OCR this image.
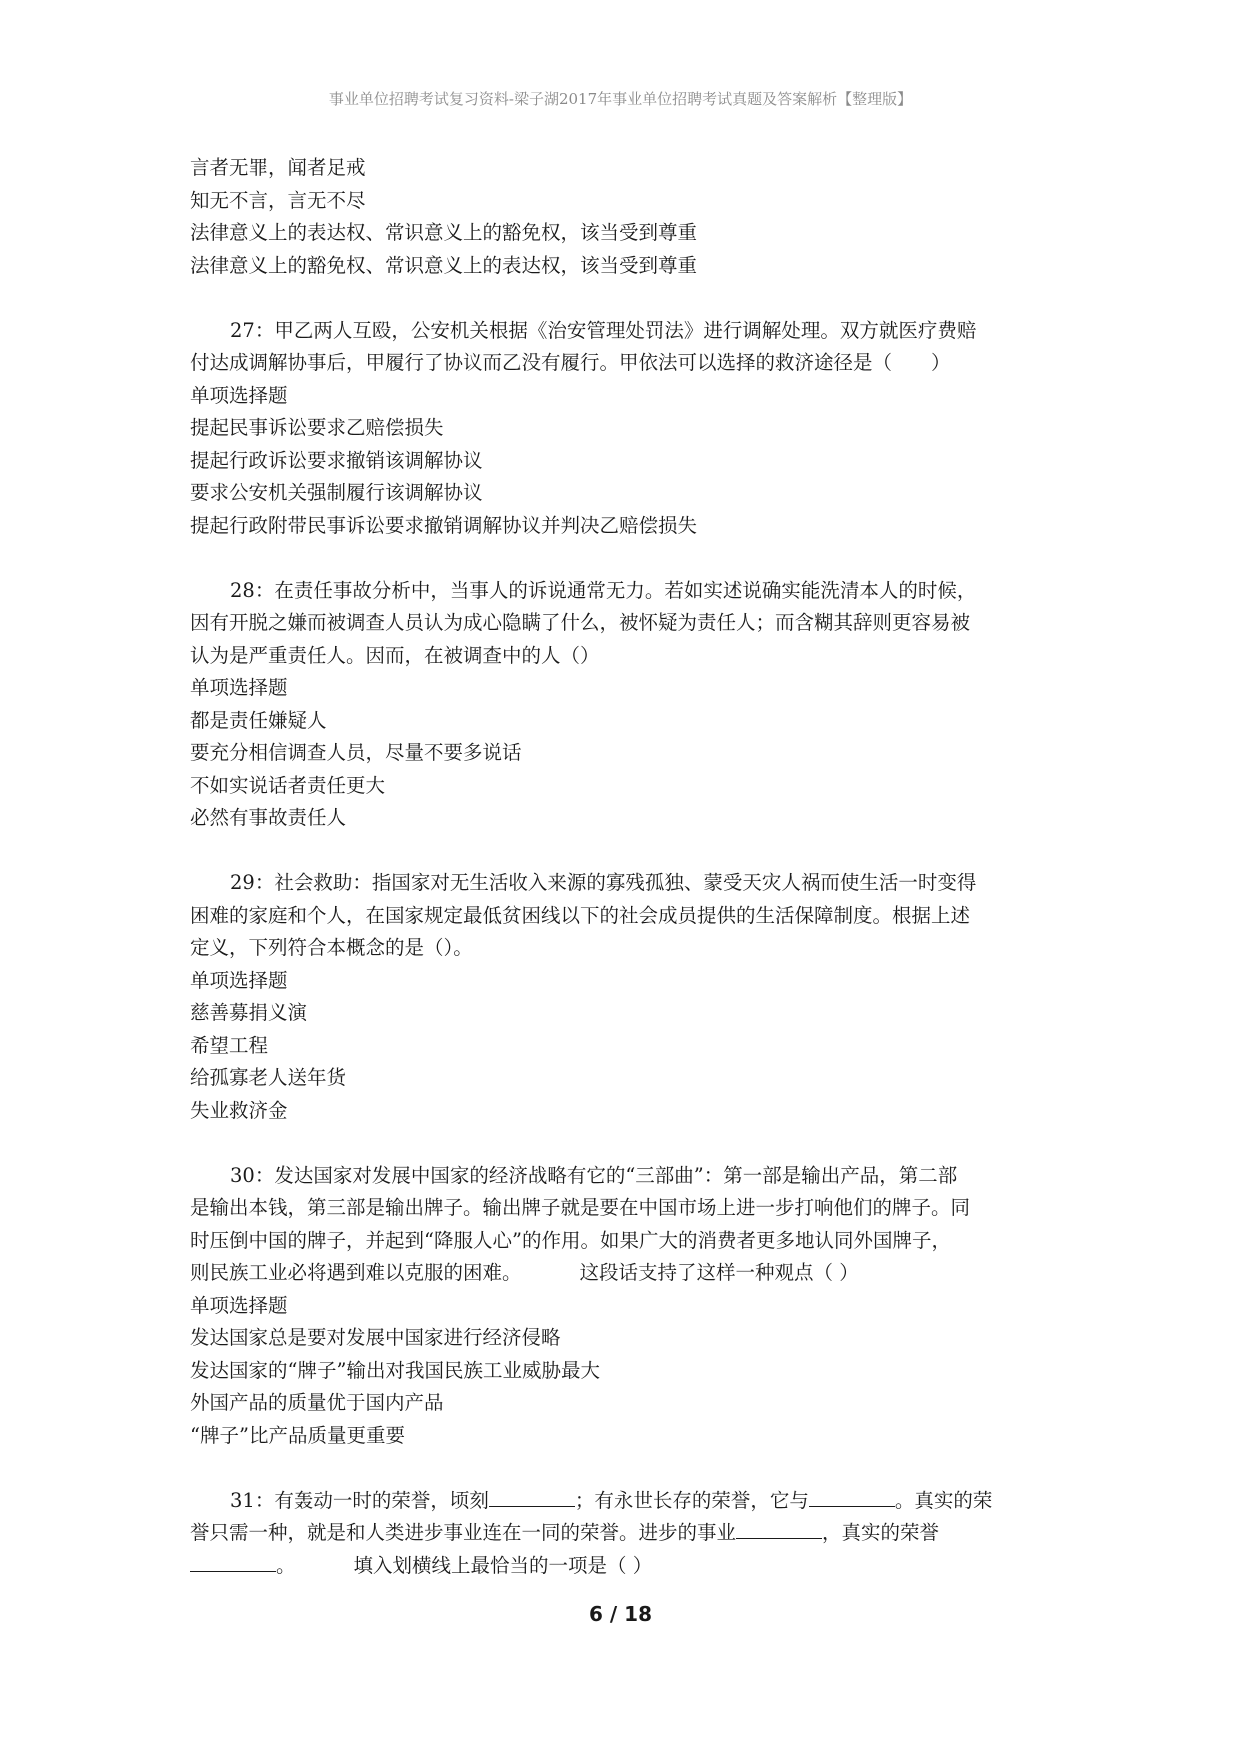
事业单位招聘考试复习资料-梁子湖2017年事业单位招聘考试真题及答案解析【整理版】
言者无罪，闻者足戒
知无不言，言无不尽
法律意义上的表达权、常识意义上的豁免权，该当受到尊重
法律意义上的豁免权、常识意义上的表达权，该当受到尊重
27：甲乙两人互殴，公安机关根据《治安管理处罚法》进行调解处理。双方就医疗费赔
付达成调解协事后，甲履行了协议而乙没有履行。甲依法可以选择的救济途径是（　　）
单项选择题
提起民事诉讼要求乙赔偿损失
提起行政诉讼要求撤销该调解协议
要求公安机关强制履行该调解协议
提起行政附带民事诉讼要求撤销调解协议并判决乙赔偿损失
28：在责任事故分析中，当事人的诉说通常无力。若如实述说确实能洗清本人的时候，
因有开脱之嫌而被调查人员认为成心隐瞒了什么，被怀疑为责任人；而含糊其辞则更容易被
认为是严重责任人。因而，在被调查中的人（）
单项选择题
都是责任嫌疑人
要充分相信调查人员，尽量不要多说话
不如实说话者责任更大
必然有事故责任人
29：社会救助：指国家对无生活收入来源的寡残孤独、蒙受天灾人祸而使生活一时变得
困难的家庭和个人，在国家规定最低贫困线以下的社会成员提供的生活保障制度。根据上述
定义，下列符合本概念的是（）。
单项选择题
慈善募捐义演
希望工程
给孤寡老人送年货
失业救济金
30：发达国家对发展中国家的经济战略有它的“三部曲”：第一部是输出产品，第二部
是输出本钱，第三部是输出牌子。输出牌子就是要在中国市场上进一步打响他们的牌子。同
时压倒中国的牌子，并起到“降服人心”的作用。如果广大的消费者更多地认同外国牌子，
则民族工业必将遇到难以克服的困难。	这段话支持了这样一种观点（ ）
单项选择题
发达国家总是要对发展中国家进行经济侵略
发达国家的“牌子”输出对我国民族工业威胁最大
外国产品的质量优于国内产品
“牌子”比产品质量更重要
31：有轰动一时的荣誉，顷刻	；有永世长存的荣誉，它与	。真实的荣
誉只需一种，就是和人类进步事业连在一同的荣誉。进步的事业	，真实的荣誉
。	填入划横线上最恰当的一项是（ ）
6 / 18
